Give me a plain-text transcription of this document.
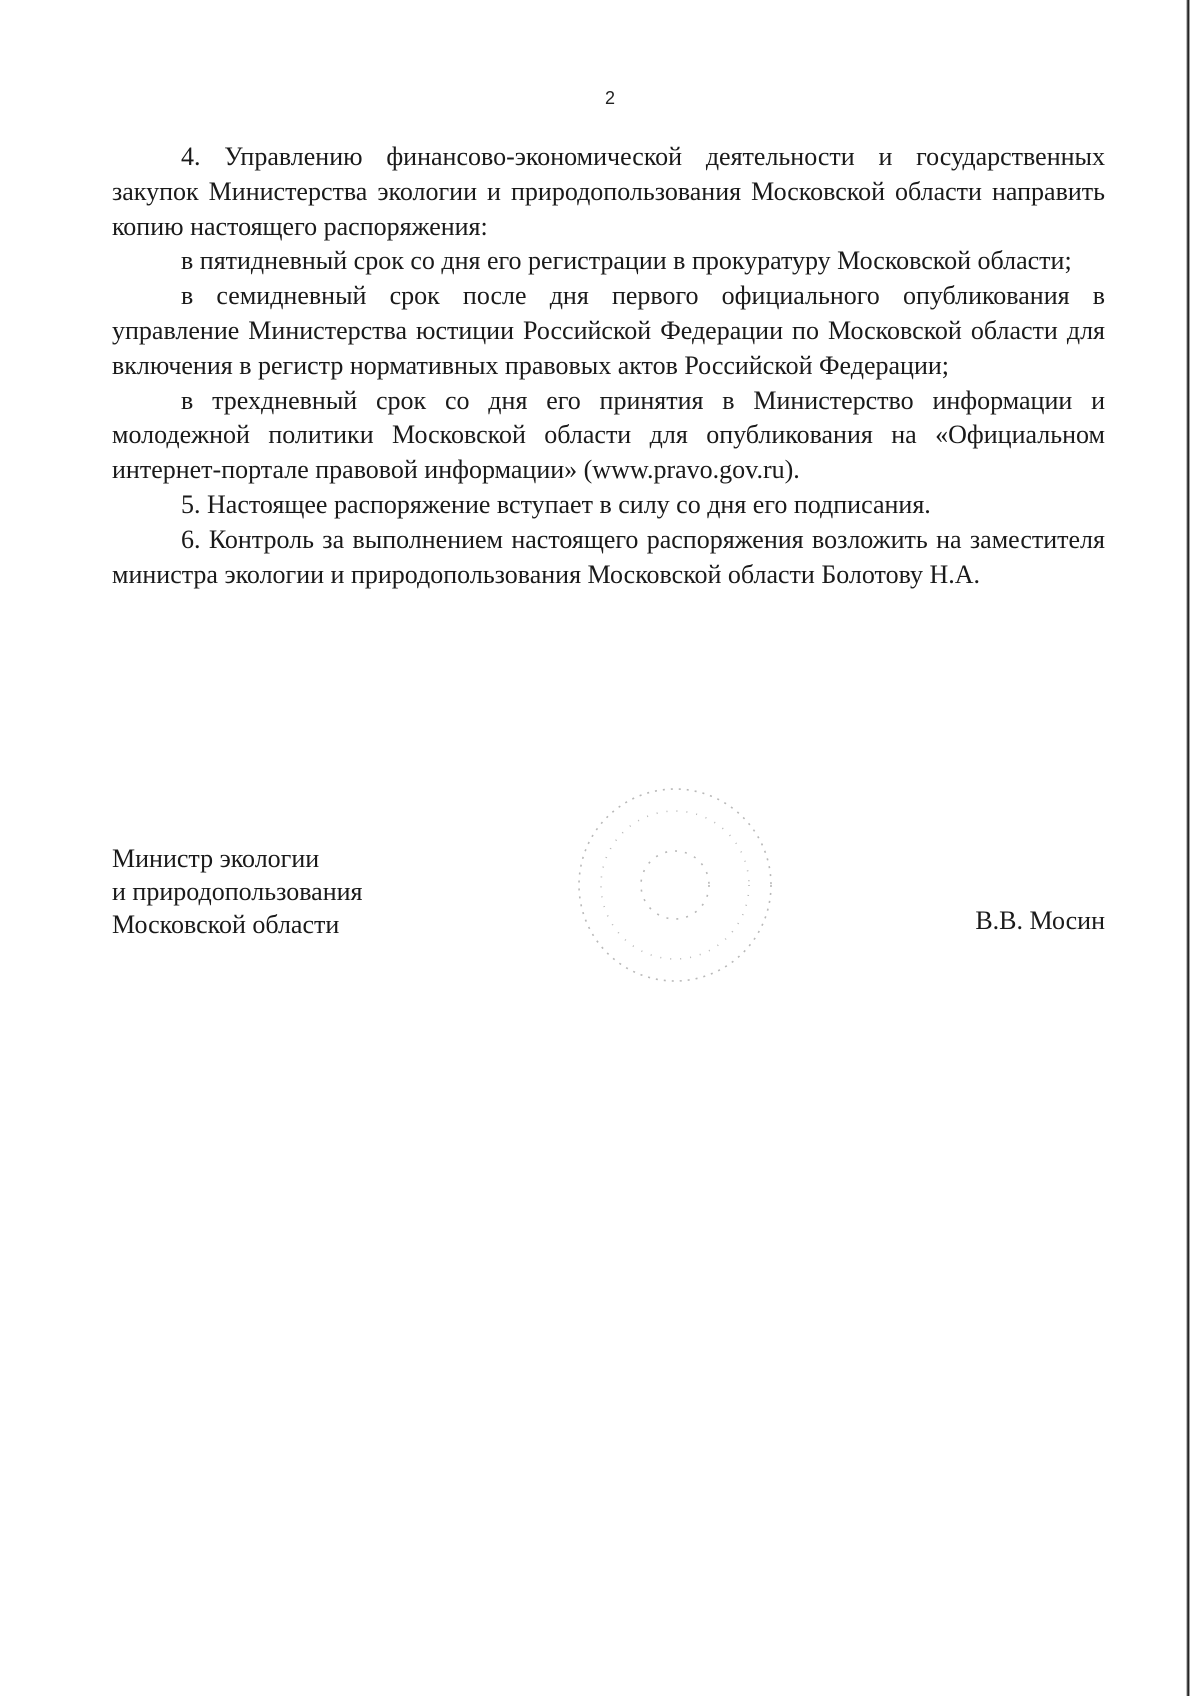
2

4. Управлению финансово-экономической деятельности и государственных закупок Министерства экологии и природопользования Московской области направить копию настоящего распоряжения:

в пятидневный срок со дня его регистрации в прокуратуру Московской области;

в семидневный срок после дня первого официального опубликования в управление Министерства юстиции Российской Федерации по Московской области для включения в регистр нормативных правовых актов Российской Федерации;

в трехдневный срок со дня его принятия в Министерство информации и молодежной политики Московской области для опубликования на «Официальном интернет-портале правовой информации» (www.pravo.gov.ru).

5. Настоящее распоряжение вступает в силу со дня его подписания.

6. Контроль за выполнением настоящего распоряжения возложить на заместителя министра экологии и природопользования Московской области Болотову Н.А.

Министр экологии
и природопользования
Московской области	В.В. Мосин
